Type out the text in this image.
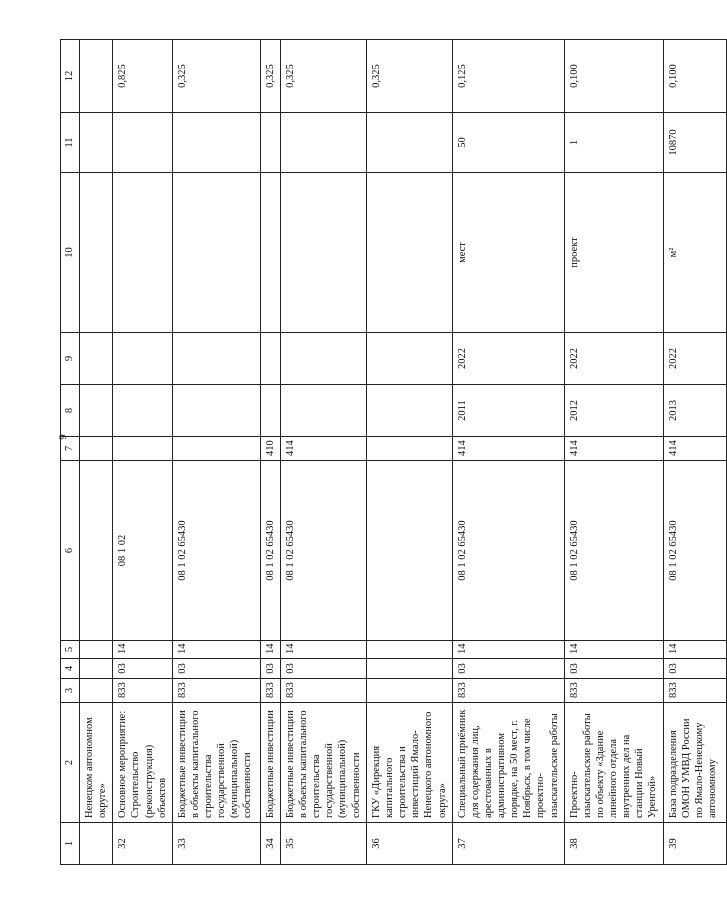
6
1	2	3	4	5	6	7	8	9	10	11	12
	Ненецком автономном округе»										
32	Основное мероприятие: Строительство (реконструкция) объектов	833	03	14	08 1 02						0,825
33	Бюджетные инвестиции в объекты капитального строительства государственной (муниципальной) собственности	833	03	14	08 1 02 65430						0,325
34	Бюджетные инвестиции	833	03	14	08 1 02 65430	410					0,325
35	Бюджетные инвестиции в объекты капитального строительства государственной (муниципальной) собственности	833	03	14	08 1 02 65430	414					0,325
36	ГКУ «Дирекция капитального строительства и инвестиций Ямало-Ненецкого автономного округа»										0,325
37	Специальный приёмник для содержания лиц, арестованных в административном порядке, на 50 мест, г. Ноябрьск, в том числе проектно-изыскательские работы	833	03	14	08 1 02 65430	414	2011	2022	мест	50	0,125
38	Проектно-изыскательские работы по объекту «Здание линейного отдела внутренних дел на станции Новый Уренгой»	833	03	14	08 1 02 65430	414	2012	2022	проект	1	0,100
39	База подразделения ОМОН УМВД России по Ямало-Ненецкому автономному	833	03	14	08 1 02 65430	414	2013	2022	м²	10870	0,100
